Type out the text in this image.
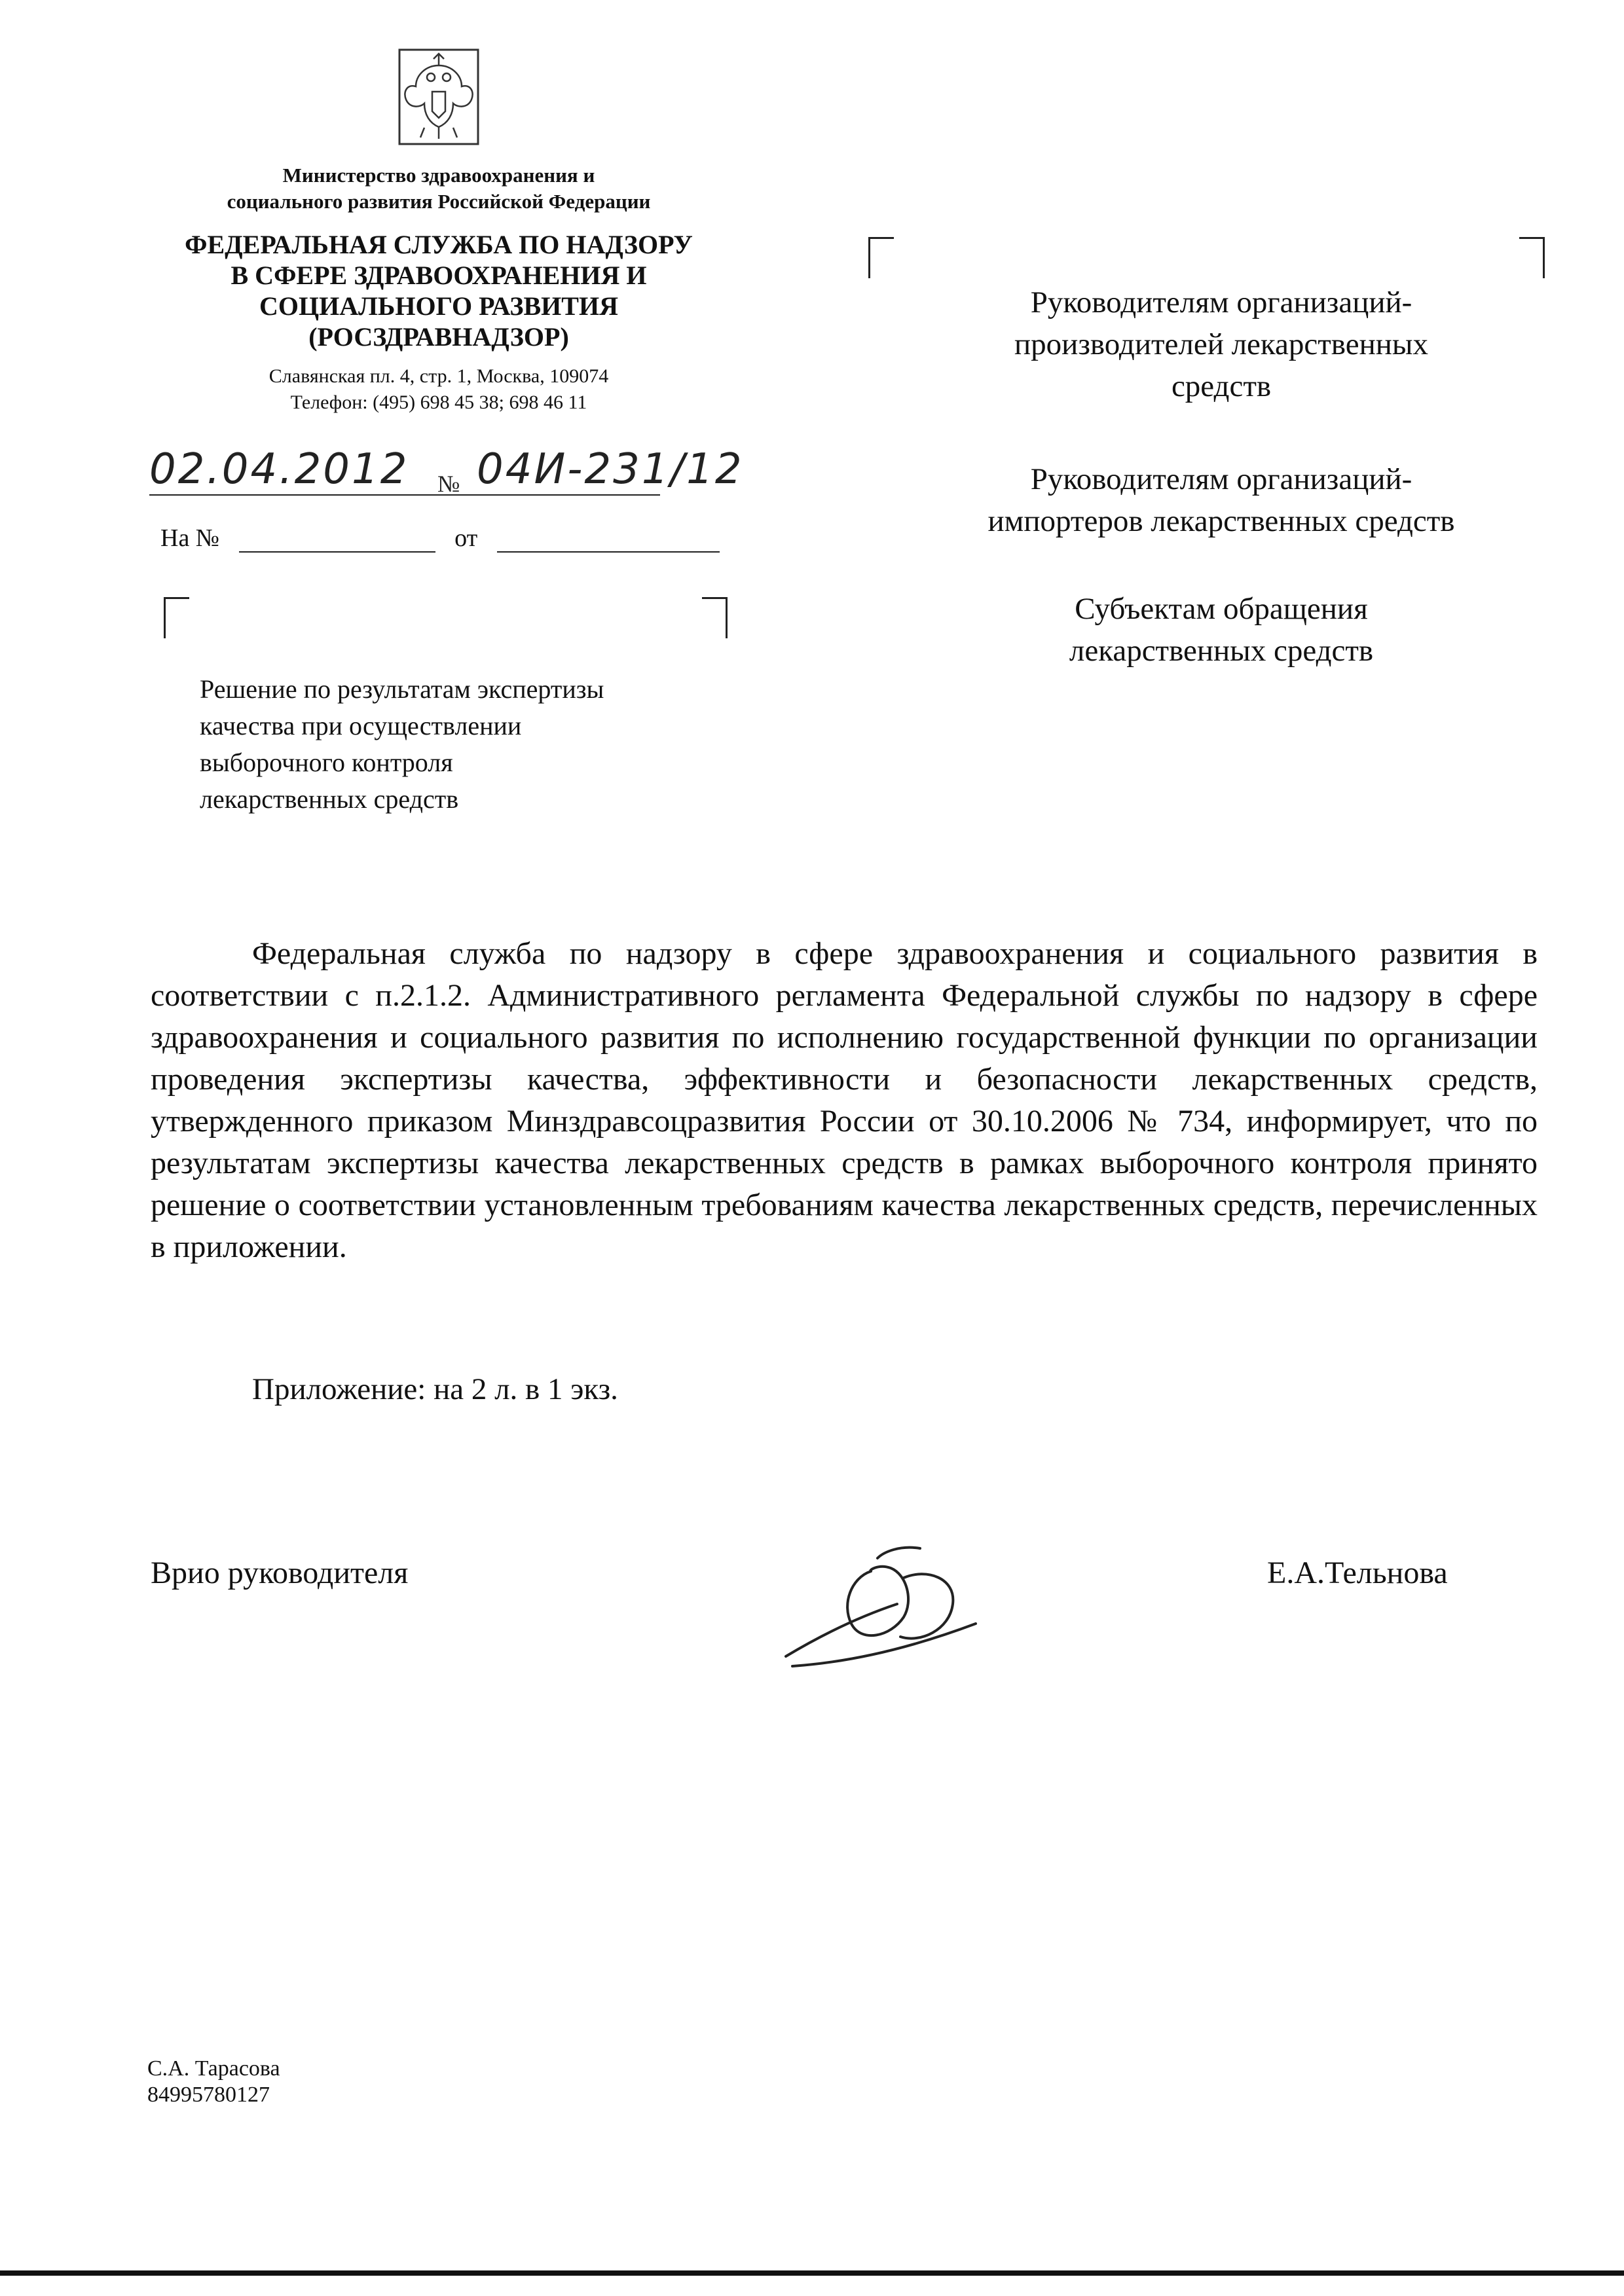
Министерство здравоохранения и
социального развития Российской Федерации
ФЕДЕРАЛЬНАЯ СЛУЖБА ПО НАДЗОРУ
В СФЕРЕ ЗДРАВООХРАНЕНИЯ И
СОЦИАЛЬНОГО РАЗВИТИЯ
(РОСЗДРАВНАДЗОР)
Славянская пл. 4, стр. 1, Москва, 109074
Телефон: (495) 698 45 38; 698 46 11
02.04.2012 № 04И-231/12
На №	от
Руководителям организаций-
производителей лекарственных
средств
Руководителям организаций-
импортеров лекарственных средств
Субъектам обращения
лекарственных средств
Решение по результатам экспертизы
качества при осуществлении
выборочного контроля
лекарственных средств
Федеральная служба по надзору в сфере здравоохранения и социального развития в соответствии с п.2.1.2. Административного регламента Федеральной службы по надзору в сфере здравоохранения и социального развития по исполнению государственной функции по организации проведения экспертизы качества, эффективности и безопасности лекарственных средств, утвержденного приказом Минздравсоцразвития России от 30.10.2006 № 734, информирует, что по результатам экспертизы качества лекарственных средств в рамках выборочного контроля принято решение о соответствии установленным требованиям качества лекарственных средств, перечисленных в приложении.
Приложение: на 2 л. в 1 экз.
Врио руководителя	Е.А.Тельнова
С.А. Тарасова
84995780127
